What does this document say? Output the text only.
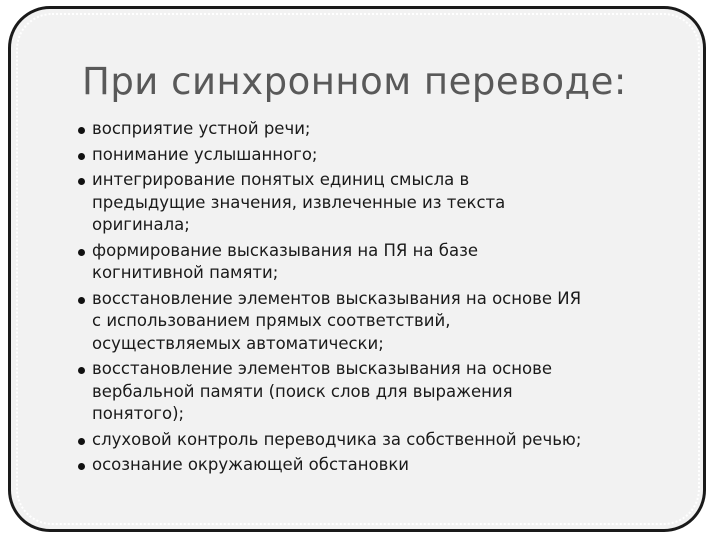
При синхронном переводе:
восприятие устной речи;
понимание услышанного;
интегрирование понятых единиц смысла в
предыдущие значения, извлеченные из текста
оригинала;
формирование высказывания на ПЯ на базе
когнитивной памяти;
восстановление элементов высказывания на основе ИЯ
с использованием прямых соответствий,
осуществляемых автоматически;
восстановление элементов высказывания на основе
вербальной памяти (поиск слов для выражения
понятого);
слуховой контроль переводчика за собственной речью;
осознание окружающей обстановки
